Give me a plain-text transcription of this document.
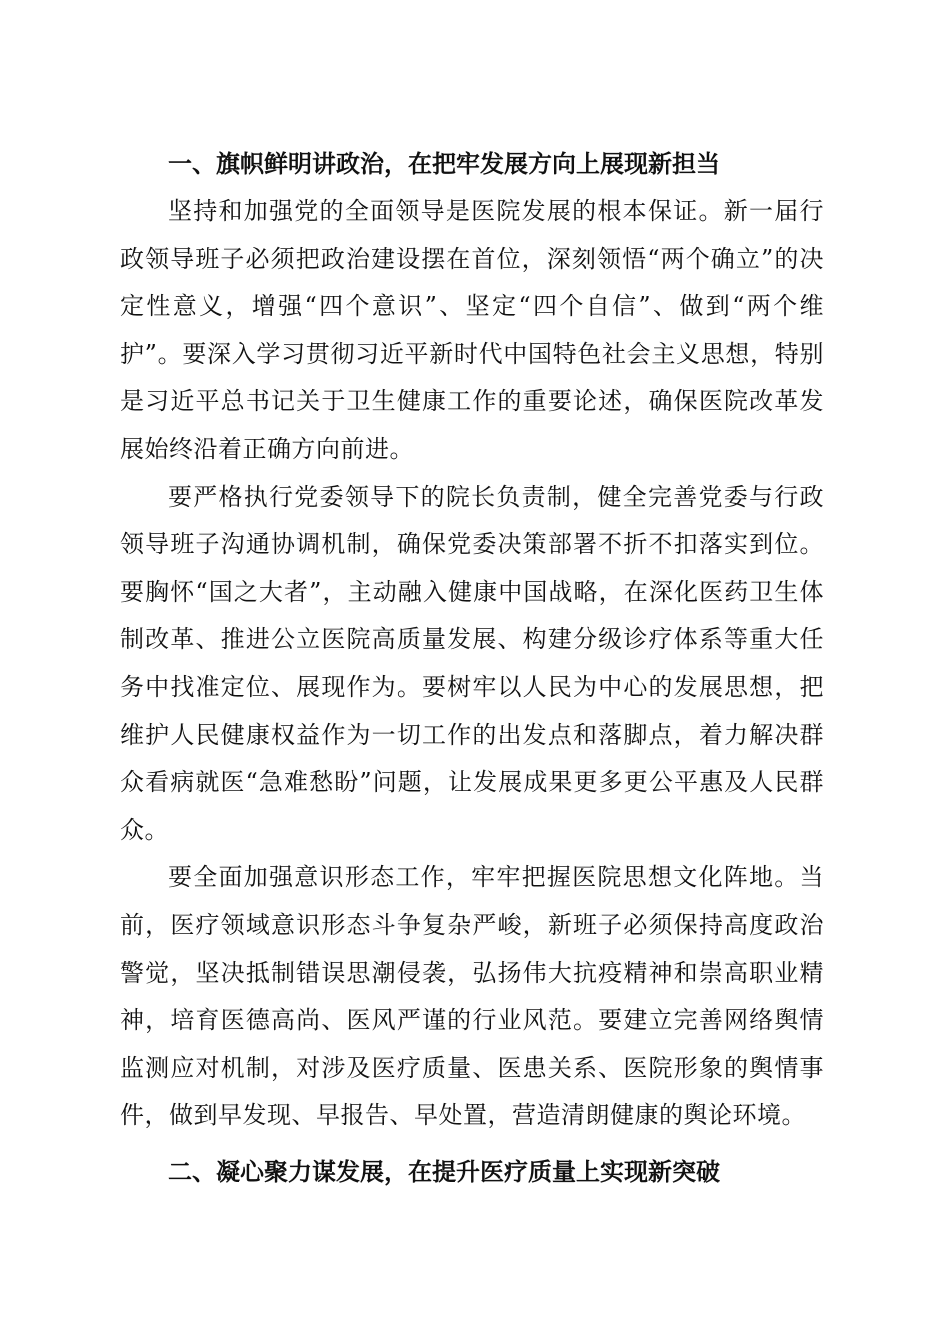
一、旗帜鲜明讲政治，在把牢发展方向上展现新担当

坚持和加强党的全面领导是医院发展的根本保证。新一届行政领导班子必须把政治建设摆在首位，深刻领悟“两个确立”的决定性意义，增强“四个意识”、坚定“四个自信”、做到“两个维护”。要深入学习贯彻习近平新时代中国特色社会主义思想，特别是习近平总书记关于卫生健康工作的重要论述，确保医院改革发展始终沿着正确方向前进。

要严格执行党委领导下的院长负责制，健全完善党委与行政领导班子沟通协调机制，确保党委决策部署不折不扣落实到位。要胸怀“国之大者”，主动融入健康中国战略，在深化医药卫生体制改革、推进公立医院高质量发展、构建分级诊疗体系等重大任务中找准定位、展现作为。要树牢以人民为中心的发展思想，把维护人民健康权益作为一切工作的出发点和落脚点，着力解决群众看病就医“急难愁盼”问题，让发展成果更多更公平惠及人民群众。

要全面加强意识形态工作，牢牢把握医院思想文化阵地。当前，医疗领域意识形态斗争复杂严峻，新班子必须保持高度政治警觉，坚决抵制错误思潮侵袭，弘扬伟大抗疫精神和崇高职业精神，培育医德高尚、医风严谨的行业风范。要建立完善网络舆情监测应对机制，对涉及医疗质量、医患关系、医院形象的舆情事件，做到早发现、早报告、早处置，营造清朗健康的舆论环境。

二、凝心聚力谋发展，在提升医疗质量上实现新突破
